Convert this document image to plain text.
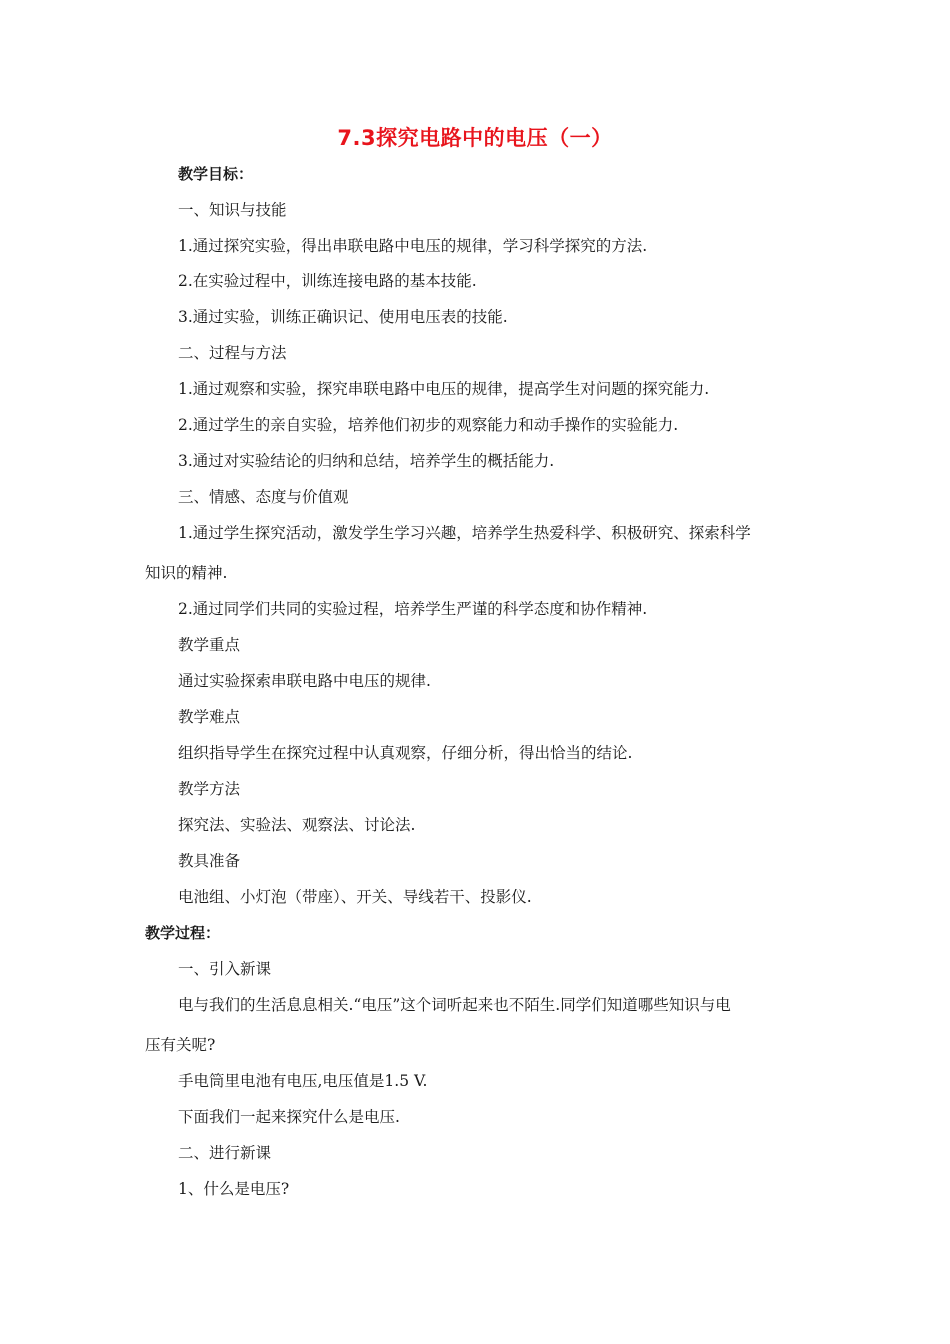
7.3探究电路中的电压（一）
教学目标：
一、知识与技能
1.通过探究实验，得出串联电路中电压的规律，学习科学探究的方法.
2.在实验过程中，训练连接电路的基本技能.
3.通过实验，训练正确识记、使用电压表的技能.
二、过程与方法
1.通过观察和实验，探究串联电路中电压的规律，提高学生对问题的探究能力.
2.通过学生的亲自实验，培养他们初步的观察能力和动手操作的实验能力.
3.通过对实验结论的归纳和总结，培养学生的概括能力.
三、情感、态度与价值观
1.通过学生探究活动，激发学生学习兴趣，培养学生热爱科学、积极研究、探索科学
知识的精神.
2.通过同学们共同的实验过程，培养学生严谨的科学态度和协作精神.
教学重点
通过实验探索串联电路中电压的规律.
教学难点
组织指导学生在探究过程中认真观察，仔细分析，得出恰当的结论.
教学方法
探究法、实验法、观察法、讨论法.
教具准备
电池组、小灯泡（带座）、开关、导线若干、投影仪.
教学过程：
一、引入新课
电与我们的生活息息相关.“电压”这个词听起来也不陌生.同学们知道哪些知识与电
压有关呢?
手电筒里电池有电压,电压值是1.5 V.
下面我们一起来探究什么是电压.
二、进行新课
1、什么是电压?
